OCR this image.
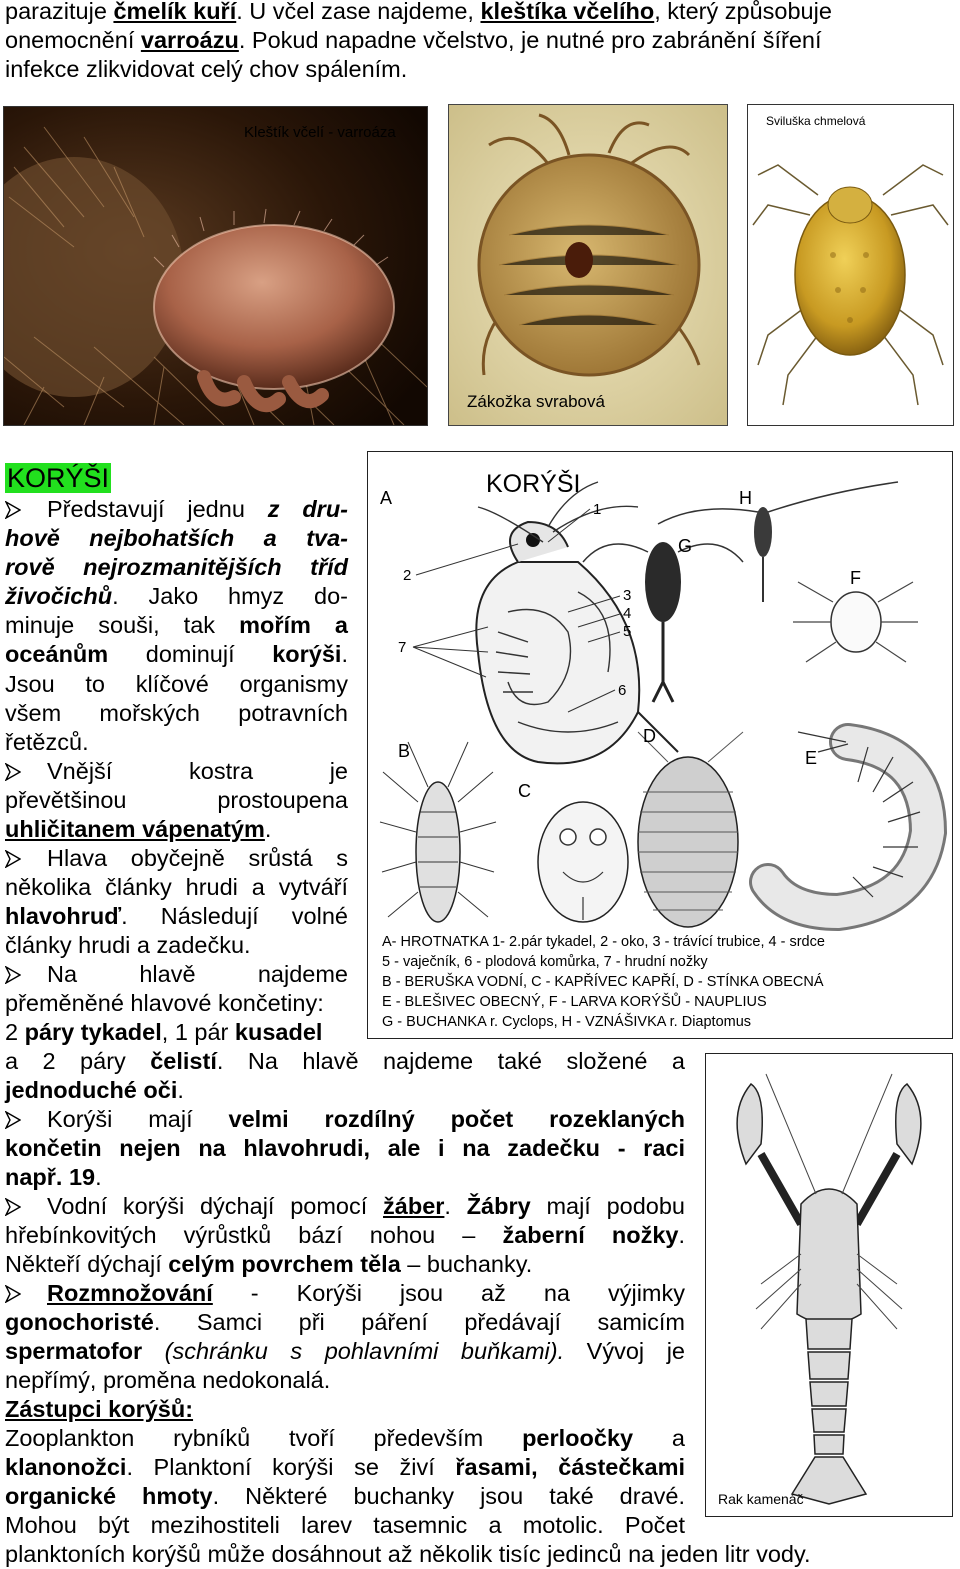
parazituje čmelík kuří. U včel zase najdeme, kleštíka včelího, který způsobuje
onemocnění varroázu. Pokud napadne včelstvo, je nutné pro zabránění šíření
infekce zlikvidovat celý chov spálením.
Kleštík včelí - varroáza
Zákožka svrabová
Sviluška chmelová
KORÝŠI
A
B
C
D
E
F
G
H
1
2
3
4
5
6
7
A- HROTNATKA 1- 2.pár tykadel, 2 - oko, 3 - trávící trubice, 4 - srdce
5 - vaječník, 6 - plodová komůrka, 7 - hrudní nožky
B - BERUŠKA VODNÍ, C - KAPŘÍVEC KAPŘÍ, D - STÍNKA OBECNÁ
E - BLEŠIVEC OBECNÝ, F - LARVA KORÝŠŮ - NAUPLIUS
G - BUCHANKA r. Cyclops, H - VZNÁŠIVKA r. Diaptomus
Rak kamenáč
KORÝŠI
Představují jednu z dru-
hově nejbohatších a tva-
rově nejrozmanitějších tříd
živočichů. Jako hmyz do-
minuje souši, tak mořím a
oceánům dominují korýši.
Jsou to klíčové organismy
všem mořských potravních
řetězců.
Vnější kostra je
převětšinou prostoupena
uhličitanem vápenatým.
Hlava obyčejně srůstá s
několika články hrudi a vytváří
hlavohruď. Následují volné
články hrudi a zadečku.
Na hlavě najdeme
přeměněné hlavové končetiny:
2 páry tykadel, 1 pár kusadel
a 2 páry čelistí. Na hlavě najdeme také složené a
jednoduché oči.
Korýši mají velmi rozdílný počet rozeklaných
končetin nejen na hlavohrudi, ale i na zadečku - raci
např. 19.
Vodní korýši dýchají pomocí žáber. Žábry mají podobu
hřebínkovitých výrůstků bází nohou – žaberní nožky.
Někteří dýchají celým povrchem těla – buchanky.
Rozmnožování - Korýši jsou až na výjimky
gonochoristé. Samci při páření předávají samicím
spermatofor (schránku s pohlavními buňkami). Vývoj je
nepřímý, proměna nedokonalá.
Zástupci korýšů:
Zooplankton rybníků tvoří především perloočky a
klanonožci. Planktoní korýši se živí řasami, částečkami
organické hmoty. Některé buchanky jsou také dravé.
Mohou být mezihostiteli larev tasemnic a motolic. Počet
planktoních korýšů může dosáhnout až několik tisíc jedinců na jeden litr vody.
